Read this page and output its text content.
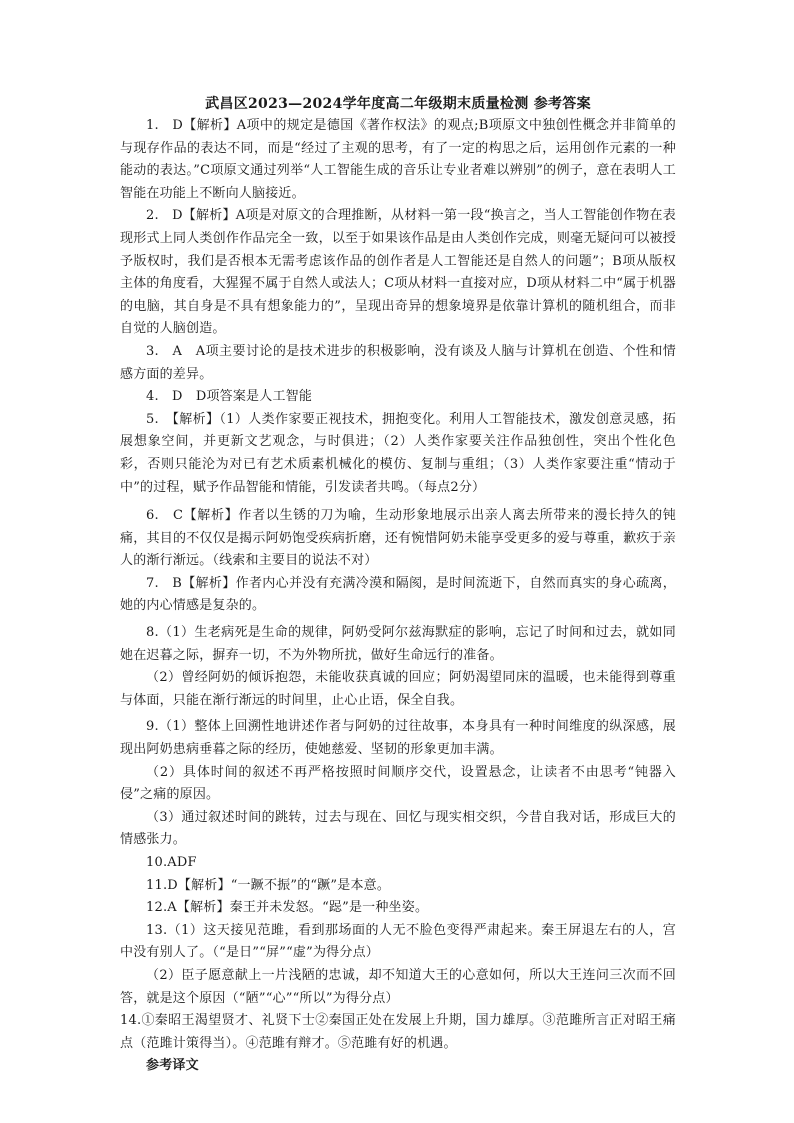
武昌区2023—2024学年度高二年级期末质量检测 参考答案

1.　D【解析】A项中的规定是德国《著作权法》的观点;B项原文中独创性概念并非简单的与现存作品的表达不同，而是“经过了主观的思考，有了一定的构思之后，运用创作元素的一种能动的表达。”C项原文通过列举“人工智能生成的音乐让专业者难以辨别”的例子，意在表明人工智能在功能上不断向人脑接近。

2.　D【解析】A项是对原文的合理推断，从材料一第一段“换言之，当人工智能创作物在表现形式上同人类创作作品完全一致，以至于如果该作品是由人类创作完成，则毫无疑问可以被授予版权时，我们是否根本无需考虑该作品的创作者是人工智能还是自然人的问题”；B项从版权主体的角度看，大猩猩不属于自然人或法人；C项从材料一直接对应，D项从材料二中“属于机器的电脑，其自身是不具有想象能力的”，呈现出奇异的想象境界是依靠计算机的随机组合，而非自觉的人脑创造。

3.　A　A项主要讨论的是技术进步的积极影响，没有谈及人脑与计算机在创造、个性和情感方面的差异。

4.　D　D项答案是人工智能

5.　【解析】（1）人类作家要正视技术，拥抱变化。利用人工智能技术，激发创意灵感，拓展想象空间，并更新文艺观念，与时俱进；（2）人类作家要关注作品独创性，突出个性化色彩，否则只能沦为对已有艺术质素机械化的模仿、复制与重组；（3）人类作家要注重“情动于中”的过程，赋予作品智能和情能，引发读者共鸣。（每点2分）

6.　C【解析】作者以生锈的刀为喻，生动形象地展示出亲人离去所带来的漫长持久的钝痛，其目的不仅仅是揭示阿奶饱受疾病折磨，还有惋惜阿奶未能享受更多的爱与尊重，歉疚于亲人的渐行渐远。（线索和主要目的说法不对）

7.　B【解析】作者内心并没有充满冷漠和隔阂，是时间流逝下，自然而真实的身心疏离，她的内心情感是复杂的。

8.（1）生老病死是生命的规律，阿奶受阿尔兹海默症的影响，忘记了时间和过去，就如同她在迟暮之际，摒弃一切，不为外物所扰，做好生命远行的准备。

（2）曾经阿奶的倾诉抱怨，未能收获真诚的回应；阿奶渴望同床的温暖，也未能得到尊重与体面，只能在渐行渐远的时间里，止心止语，保全自我。

9.（1）整体上回溯性地讲述作者与阿奶的过往故事，本身具有一种时间维度的纵深感，展现出阿奶患病垂暮之际的经历，使她慈爱、坚韧的形象更加丰满。

（2）具体时间的叙述不再严格按照时间顺序交代，设置悬念，让读者不由思考“钝器入侵”之痛的原因。

（3）通过叙述时间的跳转，过去与现在、回忆与现实相交织，今昔自我对话，形成巨大的情感张力。

10.ADF

11.D【解析】“一蹶不振”的“蹶”是本意。

12.A【解析】秦王并未发怒。“跽”是一种坐姿。

13.（1）这天接见范雎，看到那场面的人无不脸色变得严肃起来。秦王屏退左右的人，宫中没有别人了。（“是日”“屏”“虚”为得分点）

（2）臣子愿意献上一片浅陋的忠诚，却不知道大王的心意如何，所以大王连问三次而不回答，就是这个原因（“陋”“心”“所以”为得分点）

14.①秦昭王渴望贤才、礼贤下士②秦国正处在发展上升期，国力雄厚。③范雎所言正对昭王痛点（范雎计策得当）。④范雎有辩才。⑤范雎有好的机遇。

参考译文
